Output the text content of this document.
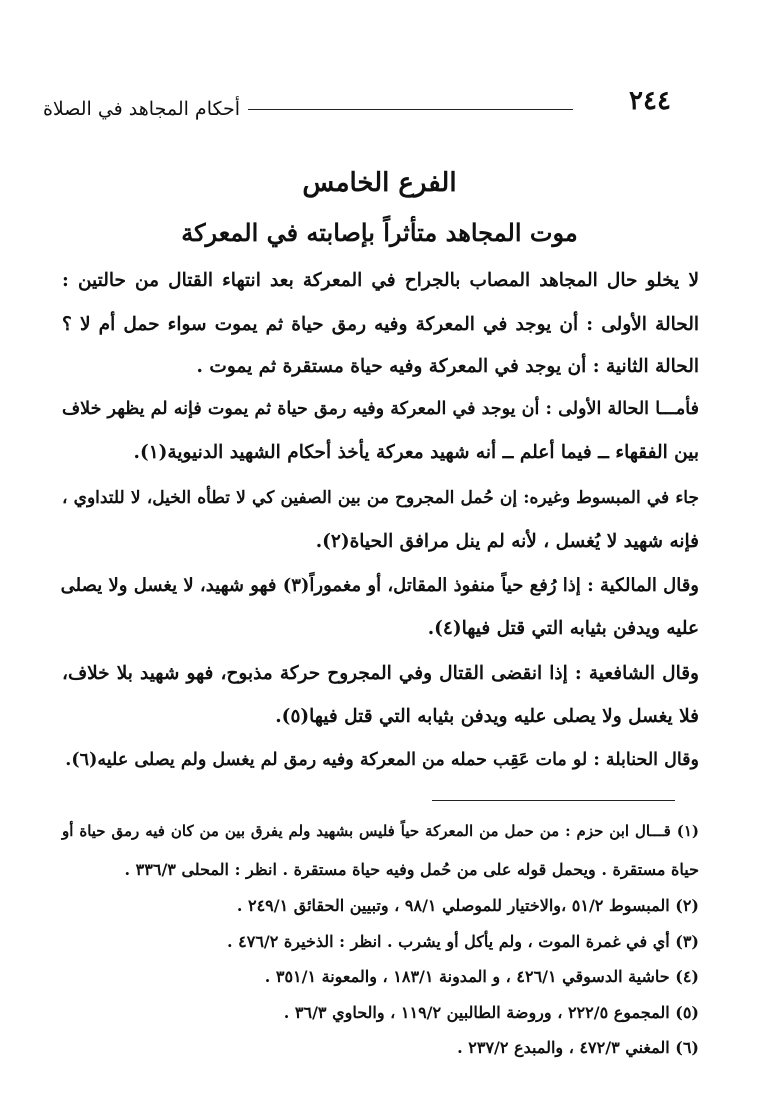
٢٤٤
أحكام المجاهد في الصلاة
الفرع الخامس
موت المجاهد متأثراً بإصابته في المعركة
لا يخلو حال المجاهد المصاب بالجراح في المعركة بعد انتهاء القتال من حالتين :
الحالة الأولى : أن يوجد في المعركة وفيه رمق حياة ثم يموت سواء حمل أم لا ؟
الحالة الثانية : أن يوجد في المعركة وفيه حياة مستقرة ثم يموت .
فأمـــا الحالة الأولى : أن يوجد في المعركة وفيه رمق حياة ثم يموت فإنه لم يظهر خلاف
بين الفقهاء ــ فيما أعلم ــ أنه شهيد معركة يأخذ أحكام الشهيد الدنيوية(١).
جاء في المبسوط وغيره: إن حُمل المجروح من بين الصفين كي لا تطأه الخيل، لا للتداوي ،
فإنه شهيد لا يُغسل ، لأنه لم ينل مرافق الحياة(٢).
وقال المالكية : إذا رُفع حياً منفوذ المقاتل، أو مغموراً(٣) فهو شهيد، لا يغسل ولا يصلى
عليه ويدفن بثيابه التي قتل فيها(٤).
وقال الشافعية : إذا انقضى القتال وفي المجروح حركة مذبوح، فهو شهيد بلا خلاف،
فلا يغسل ولا يصلى عليه ويدفن بثيابه التي قتل فيها(٥).
وقال الحنابلة : لو مات عَقِب حمله من المعركة وفيه رمق لم يغسل ولم يصلى عليه(٦).
(١) قـــال ابن حزم : من حمل من المعركة حياً فليس بشهيد ولم يفرق بين من كان فيه رمق حياة أو
حياة مستقرة . ويحمل قوله على من حُمل وفيه حياة مستقرة . انظر : المحلى ٣٣٦/٣ .
(٢) المبسوط ٥١/٢ ،والاختيار للموصلي ٩٨/١ ، وتبيين الحقائق ٢٤٩/١ .
(٣) أي في غمرة الموت ، ولم يأكل أو يشرب . انظر : الذخيرة ٤٧٦/٢ .
(٤) حاشية الدسوقي ٤٢٦/١ ، و المدونة ١٨٣/١ ، والمعونة ٣٥١/١ .
(٥) المجموع ٢٢٢/٥ ، وروضة الطالبين ١١٩/٢ ، والحاوي ٣٦/٣ .
(٦) المغني ٤٧٢/٣ ، والمبدع ٢٣٧/٢ .
